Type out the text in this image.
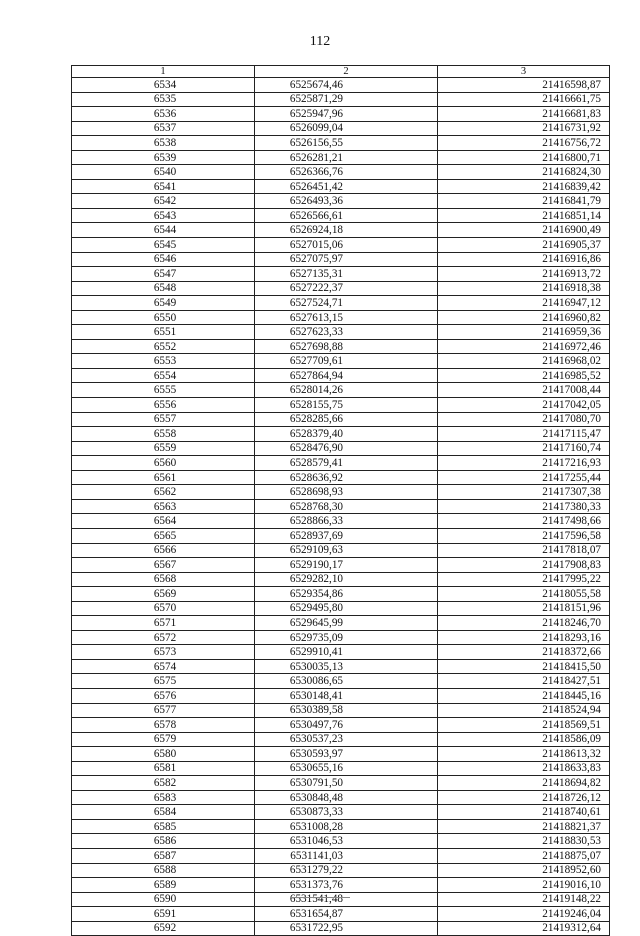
112
1	2	3
6534	6525674,46	21416598,87
6535	6525871,29	21416661,75
6536	6525947,96	21416681,83
6537	6526099,04	21416731,92
6538	6526156,55	21416756,72
6539	6526281,21	21416800,71
6540	6526366,76	21416824,30
6541	6526451,42	21416839,42
6542	6526493,36	21416841,79
6543	6526566,61	21416851,14
6544	6526924,18	21416900,49
6545	6527015,06	21416905,37
6546	6527075,97	21416916,86
6547	6527135,31	21416913,72
6548	6527222,37	21416918,38
6549	6527524,71	21416947,12
6550	6527613,15	21416960,82
6551	6527623,33	21416959,36
6552	6527698,88	21416972,46
6553	6527709,61	21416968,02
6554	6527864,94	21416985,52
6555	6528014,26	21417008,44
6556	6528155,75	21417042,05
6557	6528285,66	21417080,70
6558	6528379,40	21417115,47
6559	6528476,90	21417160,74
6560	6528579,41	21417216,93
6561	6528636,92	21417255,44
6562	6528698,93	21417307,38
6563	6528768,30	21417380,33
6564	6528866,33	21417498,66
6565	6528937,69	21417596,58
6566	6529109,63	21417818,07
6567	6529190,17	21417908,83
6568	6529282,10	21417995,22
6569	6529354,86	21418055,58
6570	6529495,80	21418151,96
6571	6529645,99	21418246,70
6572	6529735,09	21418293,16
6573	6529910,41	21418372,66
6574	6530035,13	21418415,50
6575	6530086,65	21418427,51
6576	6530148,41	21418445,16
6577	6530389,58	21418524,94
6578	6530497,76	21418569,51
6579	6530537,23	21418586,09
6580	6530593,97	21418613,32
6581	6530655,16	21418633,83
6582	6530791,50	21418694,82
6583	6530848,48	21418726,12
6584	6530873,33	21418740,61
6585	6531008,28	21418821,37
6586	6531046,53	21418830,53
6587	6531141,03	21418875,07
6588	6531279,22	21418952,60
6589	6531373,76	21419016,10
6590	6531541,48	21419148,22
6591	6531654,87	21419246,04
6592	6531722,95	21419312,64
